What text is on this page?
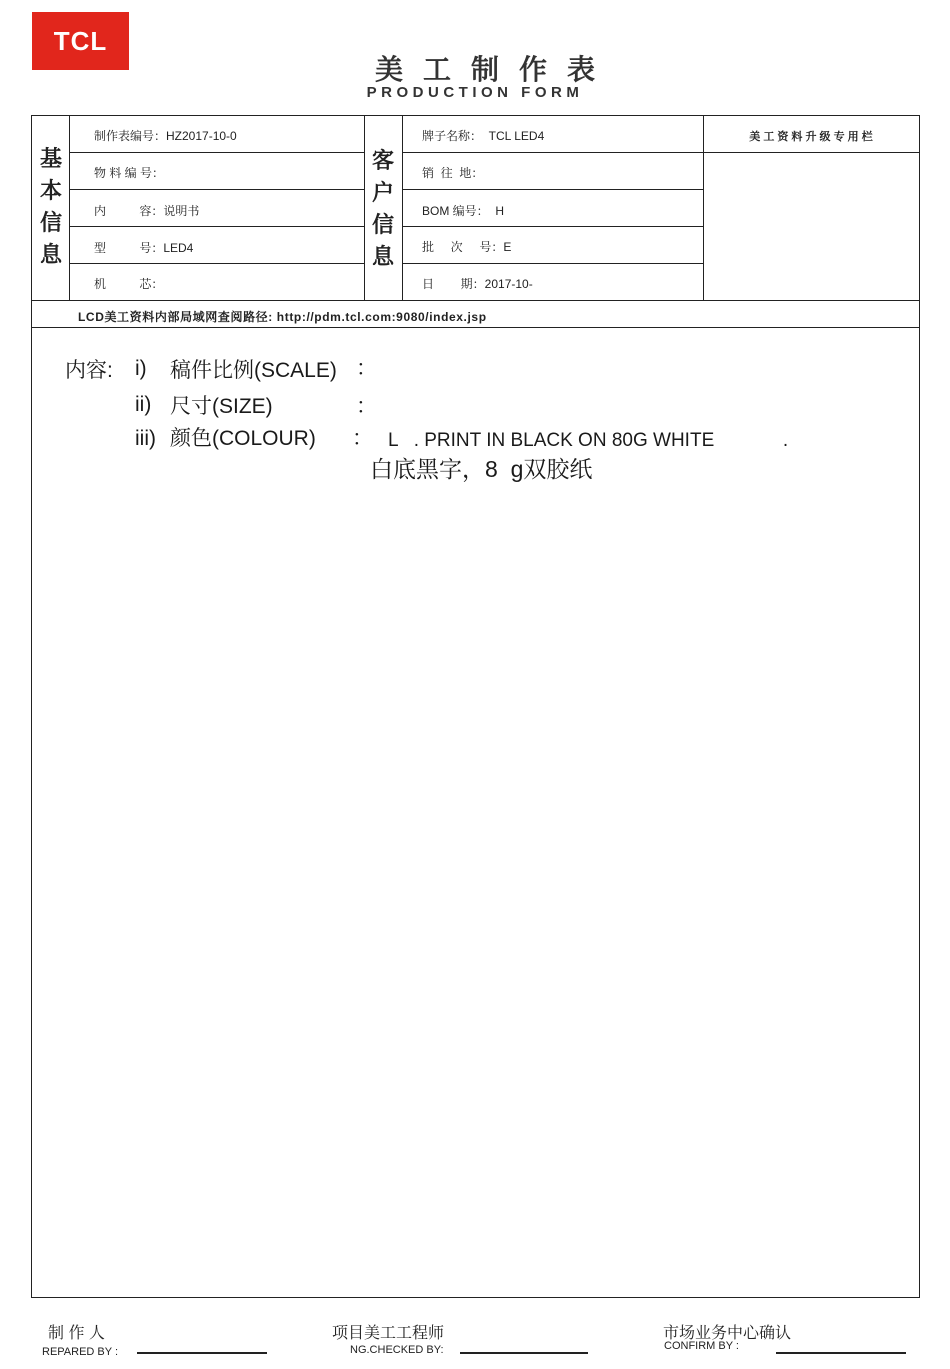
TCL
美工制作表
PRODUCTION FORM
基
本
信
息
制作表编号：HZ2017-10-0
物 料 编 号：
内          容：说明书
型          号：LED4
机          芯：
客
户
信
息
牌子名称：  TCL LED4
销  往  地：
BOM 编号：  H
批     次     号：E
日        期：2017-10-
美 工 资 料 升 级 专 用 栏
LCD美工资料内部局域网查阅路径: http://pdm.tcl.com:9080/index.jsp
内容: i) 稿件比例(SCALE) ：
ii) 尺寸(SIZE)	：
iii) 颜色(COLOUR) ： L   . PRINT IN BLACK ON 80G WHITE             .
白底黑字，8  g双胶纸
制 作 人
REPARED BY :
项目美工工程师
NG.CHECKED BY:
市场业务中心确认
CONFIRM BY :
